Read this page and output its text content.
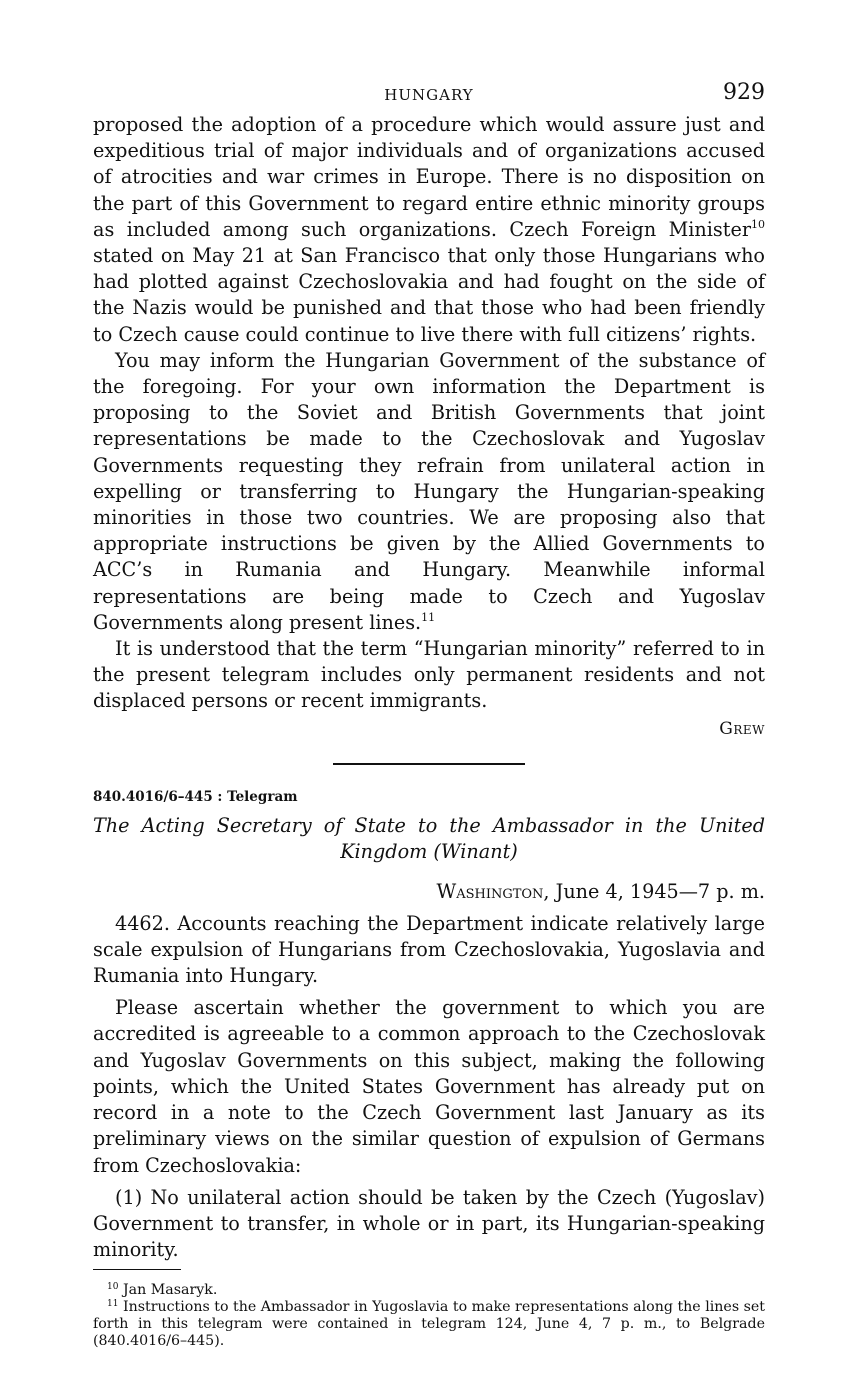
HUNGARY	929

proposed the adoption of a procedure which would assure just and expeditious trial of major individuals and of organizations accused of atrocities and war crimes in Europe. There is no disposition on the part of this Government to regard entire ethnic minority groups as included among such organizations. Czech Foreign Minister$^{10}$ stated on May 21 at San Francisco that only those Hungarians who had plotted against Czechoslovakia and had fought on the side of the Nazis would be punished and that those who had been friendly to Czech cause could continue to live there with full citizens’ rights.

You may inform the Hungarian Government of the substance of the foregoing. For your own information the Department is proposing to the Soviet and British Governments that joint representations be made to the Czechoslovak and Yugoslav Governments requesting they refrain from unilateral action in expelling or transferring to Hungary the Hungarian-speaking minorities in those two countries. We are proposing also that appropriate instructions be given by the Allied Governments to ACC’s in Rumania and Hungary. Meanwhile informal representations are being made to Czech and Yugoslav Governments along present lines.$^{11}$

It is understood that the term “Hungarian minority” referred to in the present telegram includes only permanent residents and not displaced persons or recent immigrants.

Grew
840.4016/6–445 : Telegram
The Acting Secretary of State to the Ambassador in the United
Kingdom (Winant)
Washington, June 4, 1945—7 p. m.

4462. Accounts reaching the Department indicate relatively large scale expulsion of Hungarians from Czechoslovakia, Yugoslavia and Rumania into Hungary.

Please ascertain whether the government to which you are accredited is agreeable to a common approach to the Czechoslovak and Yugoslav Governments on this subject, making the following points, which the United States Government has already put on record in a note to the Czech Government last January as its preliminary views on the similar question of expulsion of Germans from Czechoslovakia:

(1) No unilateral action should be taken by the Czech (Yugoslav) Government to transfer, in whole or in part, its Hungarian-speaking minority.

$^{10}$ Jan Masaryk.

$^{11}$ Instructions to the Ambassador in Yugoslavia to make representations along the lines set forth in this telegram were contained in telegram 124, June 4, 7 p. m., to Belgrade (840.4016/6–445).
